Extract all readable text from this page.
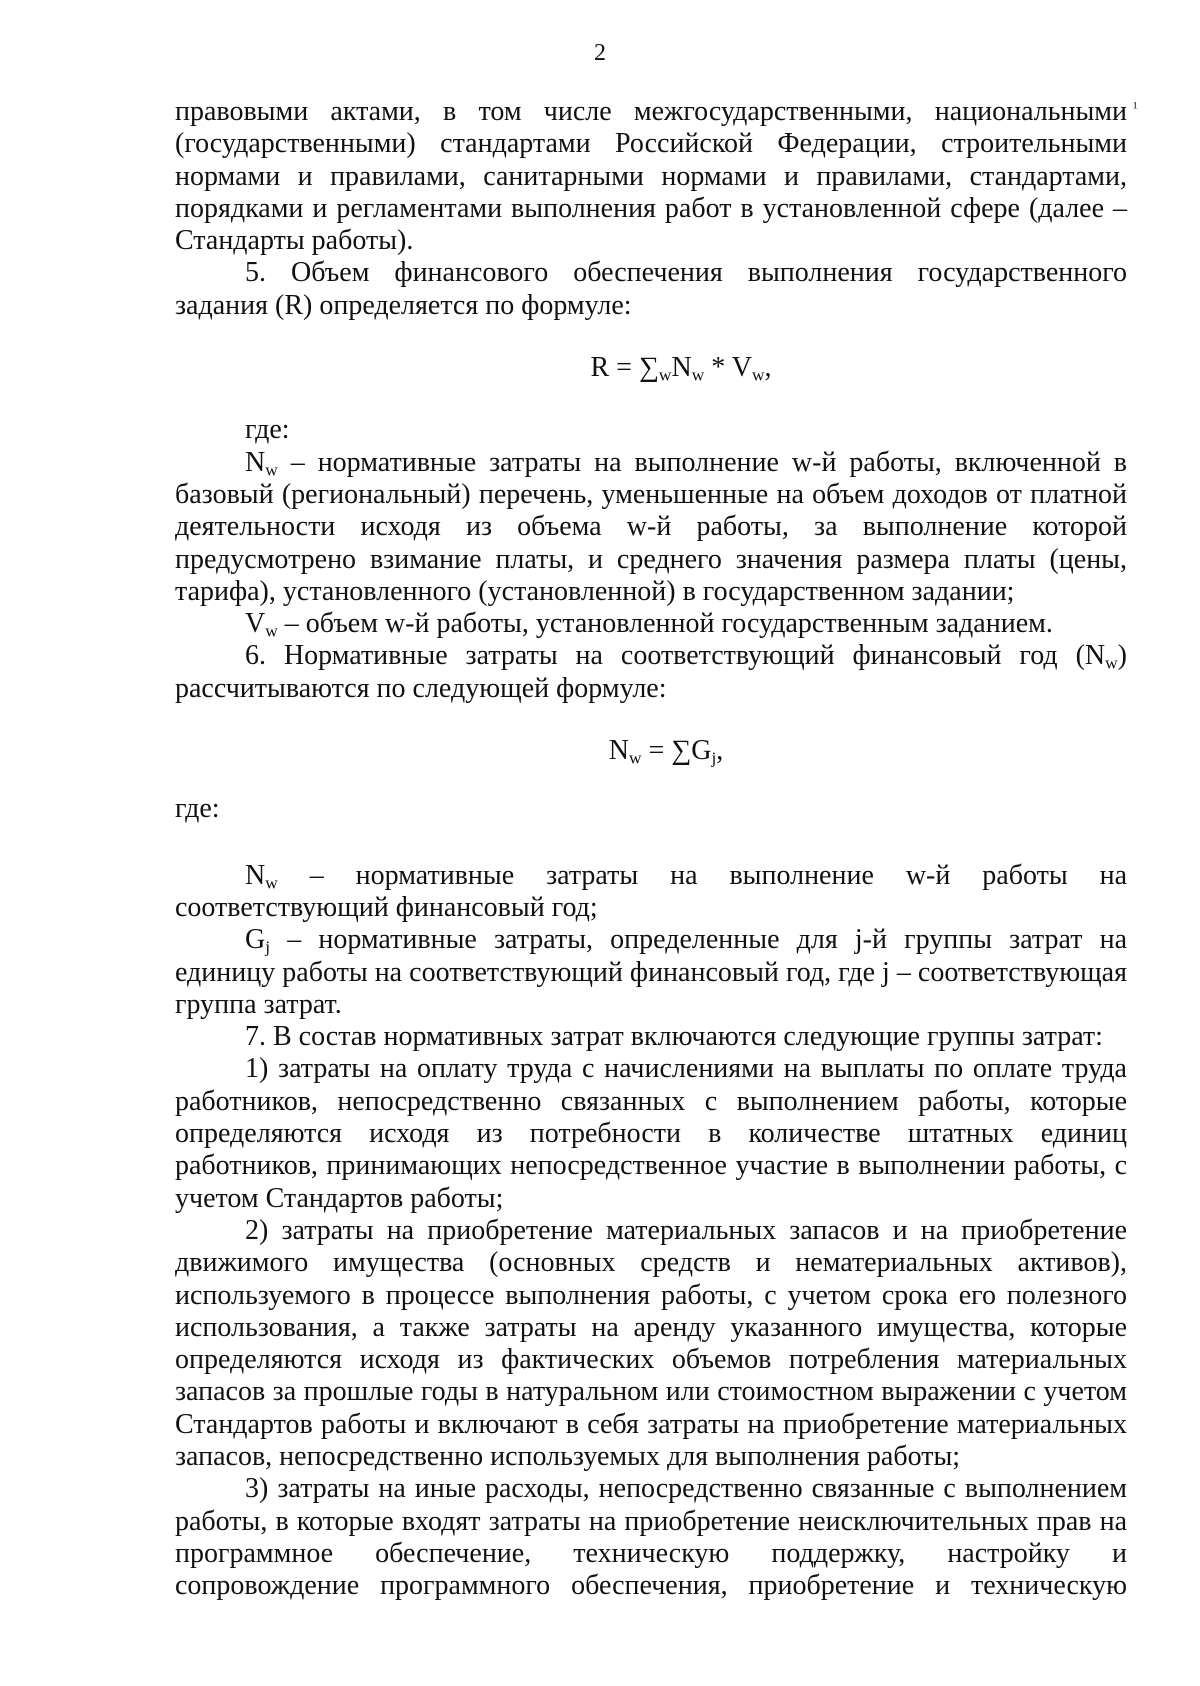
2
¹

правовыми актами, в том числе межгосударственными, национальными (государственными) стандартами Российской Федерации, строительными нормами и правилами, санитарными нормами и правилами, стандартами, порядками и регламентами выполнения работ в установленной сфере (далее – Стандарты работы).

5. Объем финансового обеспечения выполнения государственного задания (R) определяется по формуле:

$R = \sum_wN_w * V_w$,

где:

$N_w$ – нормативные затраты на выполнение w-й работы, включенной в базовый (региональный) перечень, уменьшенные на объем доходов от платной деятельности исходя из объема w-й работы, за выполнение которой предусмотрено взимание платы, и среднего значения размера платы (цены, тарифа), установленного (установленной) в государственном задании;

$V_w$ – объем w-й работы, установленной государственным заданием.

6. Нормативные затраты на соответствующий финансовый год $(N_w)$ рассчитываются по следующей формуле:

$N_w = \sum G_j$,

где:

$N_w$ – нормативные затраты на выполнение w-й работы на соответствующий финансовый год;

$G_j$ – нормативные затраты, определенные для j-й группы затрат на единицу работы на соответствующий финансовый год, где j – соответствующая группа затрат.

7. В состав нормативных затрат включаются следующие группы затрат:

1) затраты на оплату труда с начислениями на выплаты по оплате труда работников, непосредственно связанных с выполнением работы, которые определяются исходя из потребности в количестве штатных единиц работников, принимающих непосредственное участие в выполнении работы, с учетом Стандартов работы;

2) затраты на приобретение материальных запасов и на приобретение движимого имущества (основных средств и нематериальных активов), используемого в процессе выполнения работы, с учетом срока его полезного использования, а также затраты на аренду указанного имущества, которые определяются исходя из фактических объемов потребления материальных запасов за прошлые годы в натуральном или стоимостном выражении с учетом Стандартов работы и включают в себя затраты на приобретение материальных запасов, непосредственно используемых для выполнения работы;

3) затраты на иные расходы, непосредственно связанные с выполнением работы, в которые входят затраты на приобретение неисключительных прав на программное обеспечение, техническую поддержку, настройку и сопровождение программного обеспечения, приобретение и техническую
